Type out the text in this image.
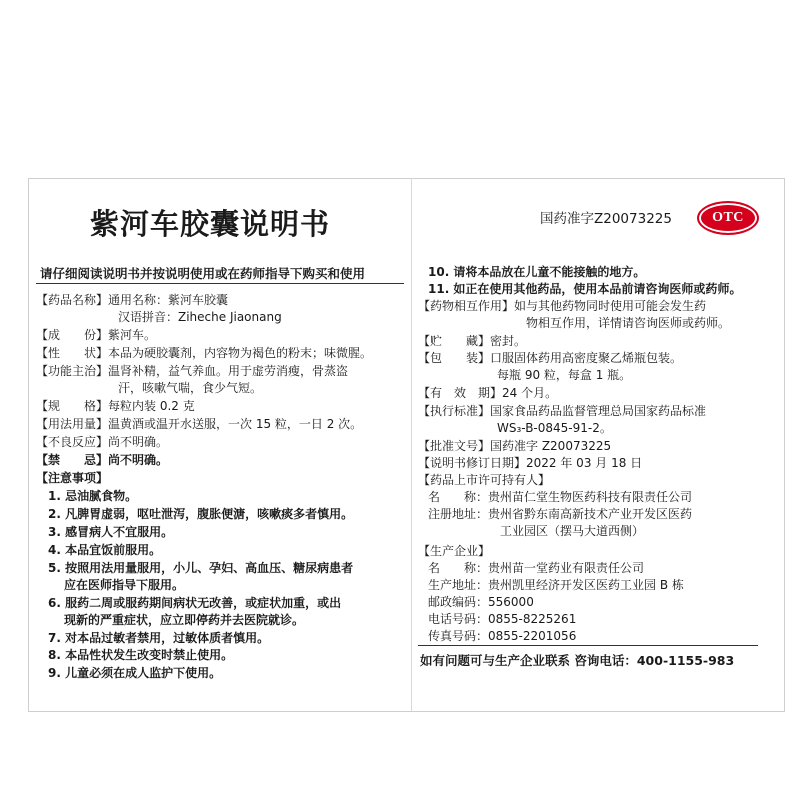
紫河车胶囊说明书	国药准字Z20073225	OTC
请仔细阅读说明书并按说明使用或在药师指导下购买和使用
【药品名称】通用名称：紫河车胶囊
汉语拼音：Ziheche Jiaonang
【成　　份】紫河车。
【性　　状】本品为硬胶囊剂，内容物为褐色的粉末；味微腥。
【功能主治】温肾补精，益气养血。用于虚劳消瘦，骨蒸盗
汗，咳嗽气喘，食少气短。
【规　　格】每粒内装 0.2 克
【用法用量】温黄酒或温开水送服，一次 15 粒，一日 2 次。
【不良反应】尚不明确。
【禁　　忌】尚不明确。
【注意事项】
1. 忌油腻食物。
2. 凡脾胃虚弱，呕吐泄泻，腹胀便溏，咳嗽痰多者慎用。
3. 感冒病人不宜服用。
4. 本品宜饭前服用。
5. 按照用法用量服用，小儿、孕妇、高血压、糖尿病患者
应在医师指导下服用。
6. 服药二周或服药期间病状无改善，或症状加重，或出
现新的严重症状，应立即停药并去医院就诊。
7. 对本品过敏者禁用，过敏体质者慎用。
8. 本品性状发生改变时禁止使用。
9. 儿童必须在成人监护下使用。
10. 请将本品放在儿童不能接触的地方。
11. 如正在使用其他药品，使用本品前请咨询医师或药师。
【药物相互作用】如与其他药物同时使用可能会发生药
物相互作用，详情请咨询医师或药师。
【贮　　藏】密封。
【包　　装】口服固体药用高密度聚乙烯瓶包装。
每瓶 90 粒，每盒 1 瓶。
【有　效　期】24 个月。
【执行标准】国家食品药品监督管理总局国家药品标准
WS₃-B-0845-91-2。
【批准文号】国药准字 Z20073225
【说明书修订日期】2022 年 03 月 18 日
【药品上市许可持有人】
名　　称：贵州苗仁堂生物医药科技有限责任公司
注册地址：贵州省黔东南高新技术产业开发区医药
工业园区（摆马大道西侧）
【生产企业】
名　　称：贵州苗一堂药业有限责任公司
生产地址：贵州凯里经济开发区医药工业园 B 栋
邮政编码：556000
电话号码：0855-8225261
传真号码：0855-2201056
如有问题可与生产企业联系 咨询电话：400-1155-983
